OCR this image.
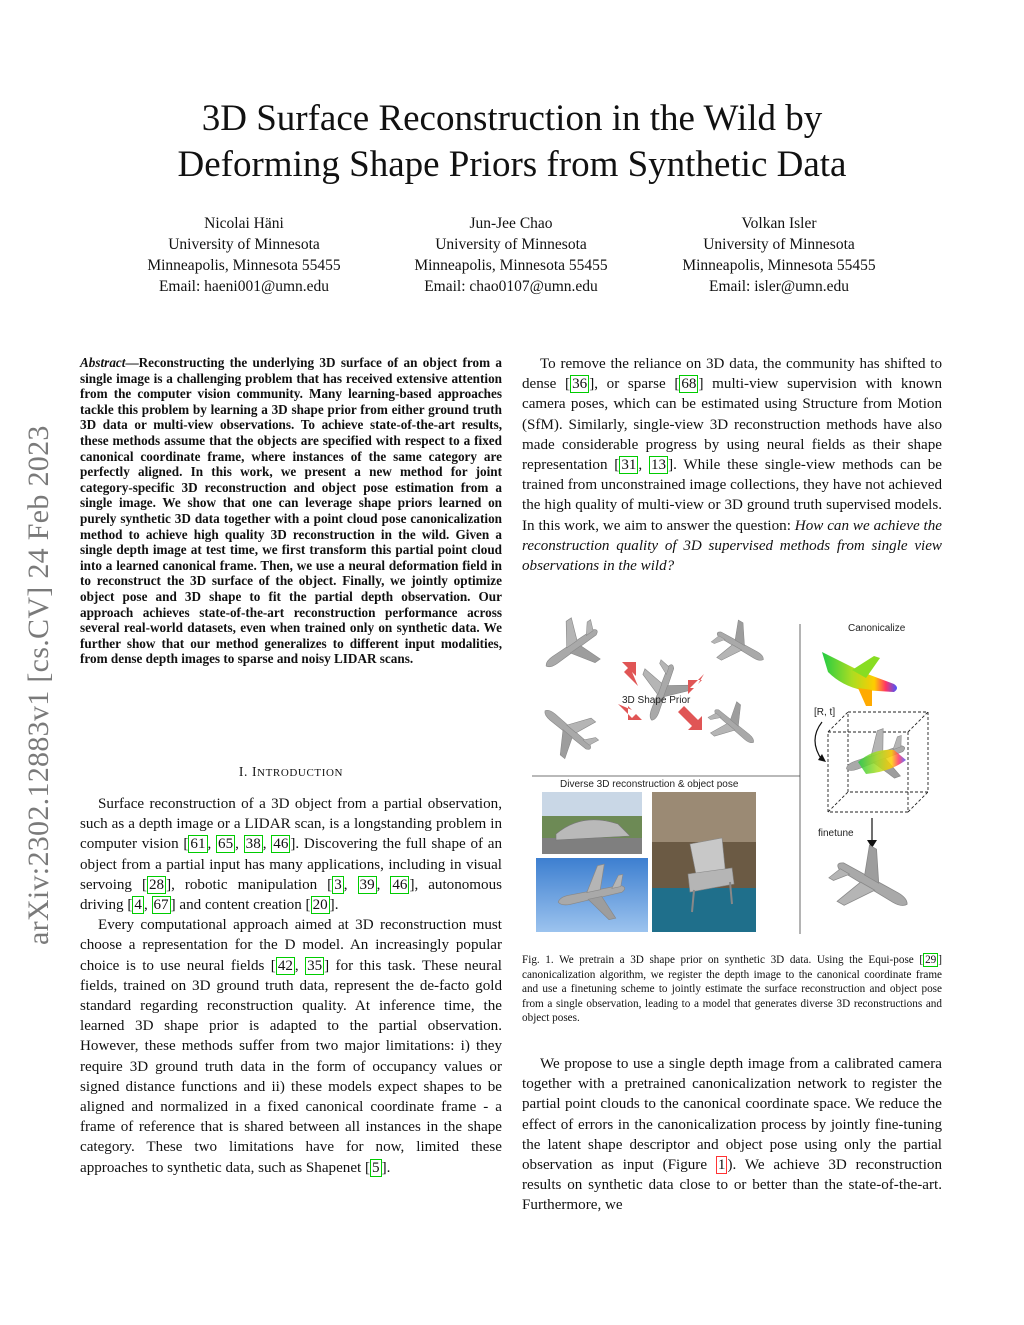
3D Surface Reconstruction in the Wild by
Deforming Shape Priors from Synthetic Data
Nicolai Häni
University of Minnesota
Minneapolis, Minnesota 55455
Email: haeni001@umn.edu
Jun-Jee Chao
University of Minnesota
Minneapolis, Minnesota 55455
Email: chao0107@umn.edu
Volkan Isler
University of Minnesota
Minneapolis, Minnesota 55455
Email: isler@umn.edu
arXiv:2302.12883v1 [cs.CV] 24 Feb 2023
Abstract—Reconstructing the underlying 3D surface of an object from a single image is a challenging problem that has received extensive attention from the computer vision community. Many learning-based approaches tackle this problem by learning a 3D shape prior from either ground truth 3D data or multi-view observations. To achieve state-of-the-art results, these methods assume that the objects are specified with respect to a fixed canonical coordinate frame, where instances of the same category are perfectly aligned. In this work, we present a new method for joint category-specific 3D reconstruction and object pose estimation from a single image. We show that one can leverage shape priors learned on purely synthetic 3D data together with a point cloud pose canonicalization method to achieve high quality 3D reconstruction in the wild. Given a single depth image at test time, we first transform this partial point cloud into a learned canonical frame. Then, we use a neural deformation field in to reconstruct the 3D surface of the object. Finally, we jointly optimize object pose and 3D shape to fit the partial depth observation. Our approach achieves state-of-the-art reconstruction performance across several real-world datasets, even when trained only on synthetic data. We further show that our method generalizes to different input modalities, from dense depth images to sparse and noisy LIDAR scans.
I. INTRODUCTION

Surface reconstruction of a 3D object from a partial observation, such as a depth image or a LIDAR scan, is a longstanding problem in computer vision [ 61 , 65 , 38 , 46 ]. Discovering the full shape of an object from a partial input has many applications, including in visual servoing [ 28 ], robotic manipulation [ 3 , 39 , 46 ], autonomous driving [ 4 , 67 ] and content creation [ 20 ].

Every computational approach aimed at 3D reconstruction must choose a representation for the D model. An increasingly popular choice is to use neural fields [ 42 , 35 ] for this task. These neural fields, trained on 3D ground truth data, represent the de-facto gold standard regarding reconstruction quality. At inference time, the learned 3D shape prior is adapted to the partial observation. However, these methods suffer from two major limitations: i) they require 3D ground truth data in the form of occupancy values or signed distance functions and ii) these models expect shapes to be aligned and normalized in a fixed canonical coordinate frame - a frame of reference that is shared between all instances in the shape category. These two limitations have for now, limited these approaches to synthetic data, such as Shapenet [ 5 ].

To remove the reliance on 3D data, the community has shifted to dense [ 36 ], or sparse [ 68 ] multi-view supervision with known camera poses, which can be estimated using Structure from Motion (SfM). Similarly, single-view 3D reconstruction methods have also made considerable progress by using neural fields as their shape representation [ 31 , 13 ]. While these single-view methods can be trained from unconstrained image collections, they have not achieved the high quality of multi-view or 3D ground truth supervised models. In this work, we aim to answer the question: How can we achieve the reconstruction quality of 3D supervised methods from single view observations in the wild?

3D Shape Prior
Diverse 3D reconstruction & object pose
Canonicalize
[R, t]
finetune
Fig. 1. We pretrain a 3D shape prior on synthetic 3D data. Using the Equi-pose [ 29 ] canonicalization algorithm, we register the depth image to the canonical coordinate frame and use a finetuning scheme to jointly estimate the surface reconstruction and object pose from a single observation, leading to a model that generates diverse 3D reconstructions and object poses.

We propose to use a single depth image from a calibrated camera together with a pretrained canonicalization network to register the partial point clouds to the canonical coordinate space. We reduce the effect of errors in the canonicalization process by jointly fine-tuning the latent shape descriptor and object pose using only the partial observation as input (Figure 1 ). We achieve 3D reconstruction results on synthetic data close to or better than the state-of-the-art. Furthermore, we
